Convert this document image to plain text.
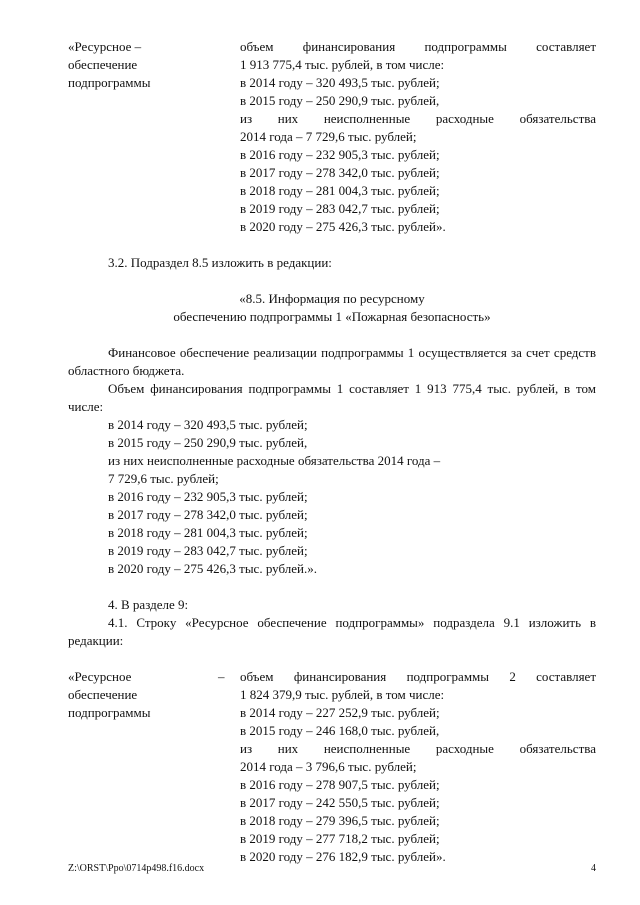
«Ресурсное –
обеспечение
подпрограммы
объем финансирования подпрограммы составляет
1 913 775,4 тыс. рублей, в том числе:
в 2014 году – 320 493,5 тыс. рублей;
в 2015 году – 250 290,9 тыс. рублей,
из них неисполненные расходные обязательства
2014 года – 7 729,6 тыс. рублей;
в 2016 году – 232 905,3 тыс. рублей;
в 2017 году – 278 342,0 тыс. рублей;
в 2018 году – 281 004,3 тыс. рублей;
в 2019 году – 283 042,7 тыс. рублей;
в 2020 году – 275 426,3 тыс. рублей».
3.2. Подраздел 8.5 изложить в редакции:
«8.5. Информация по ресурсному
обеспечению подпрограммы 1 «Пожарная безопасность»
Финансовое обеспечение реализации подпрограммы 1 осуществляется за счет средств областного бюджета.
Объем финансирования подпрограммы 1 составляет 1 913 775,4 тыс. рублей, в том числе:
в 2014 году – 320 493,5 тыс. рублей;
в 2015 году – 250 290,9 тыс. рублей,
из них неисполненные расходные обязательства 2014 года –
7 729,6 тыс. рублей;
в 2016 году – 232 905,3 тыс. рублей;
в 2017 году – 278 342,0 тыс. рублей;
в 2018 году – 281 004,3 тыс. рублей;
в 2019 году – 283 042,7 тыс. рублей;
в 2020 году – 275 426,3 тыс. рублей.».
4. В разделе 9:
4.1. Строку «Ресурсное обеспечение подпрограммы» подраздела 9.1 изложить в редакции:
«Ресурсное
обеспечение
подпрограммы
–	объем финансирования подпрограммы 2 составляет
1 824 379,9 тыс. рублей, в том числе:
в 2014 году – 227 252,9 тыс. рублей;
в 2015 году – 246 168,0 тыс. рублей,
из них неисполненные расходные обязательства
2014 года – 3 796,6 тыс. рублей;
в 2016 году – 278 907,5 тыс. рублей;
в 2017 году – 242 550,5 тыс. рублей;
в 2018 году – 279 396,5 тыс. рублей;
в 2019 году – 277 718,2 тыс. рублей;
в 2020 году – 276 182,9 тыс. рублей».
Z:\ORST\Ppo\0714p498.f16.docx	4
